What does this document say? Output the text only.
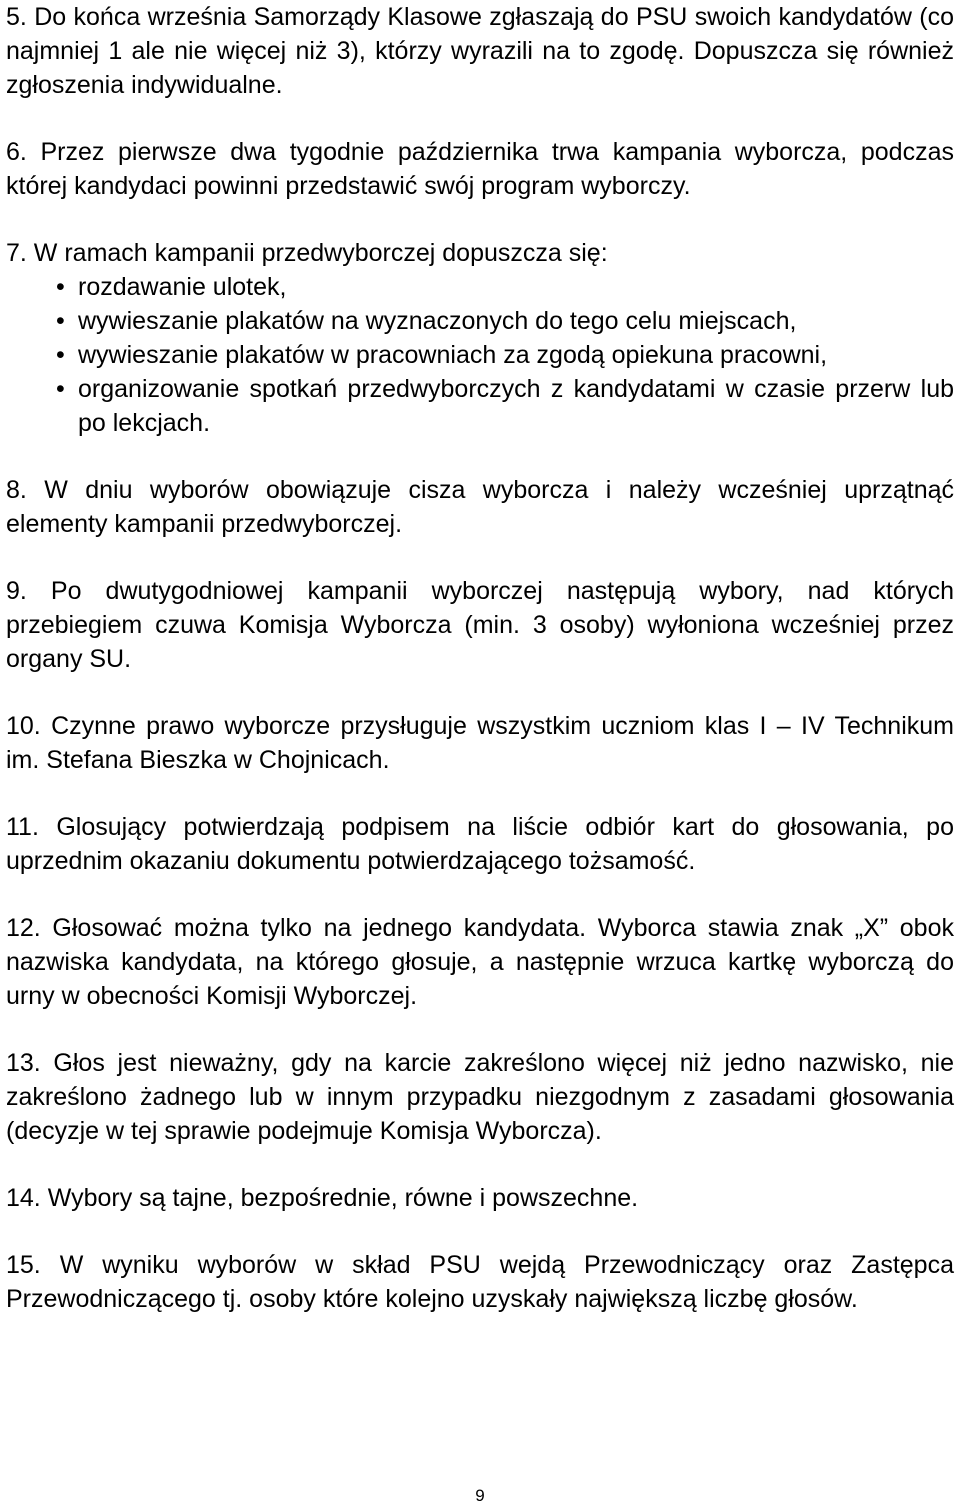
5. Do końca września Samorządy Klasowe zgłaszają do PSU swoich kandydatów (co najmniej 1 ale nie więcej niż 3), którzy wyrazili na to zgodę. Dopuszcza się również zgłoszenia indywidualne.

6. Przez pierwsze dwa tygodnie października trwa kampania wyborcza, podczas której kandydaci powinni przedstawić swój program wyborczy.

7. W ramach kampanii przedwyborczej dopuszcza się:

• rozdawanie ulotek,
• wywieszanie plakatów na wyznaczonych do tego celu miejscach,
• wywieszanie plakatów w pracowniach za zgodą opiekuna pracowni,
• organizowanie spotkań przedwyborczych z kandydatami w czasie przerw lub po lekcjach.

8. W dniu wyborów obowiązuje cisza wyborcza i należy wcześniej uprzątnąć elementy kampanii przedwyborczej.

9. Po dwutygodniowej kampanii wyborczej następują wybory, nad których przebiegiem czuwa Komisja Wyborcza (min. 3 osoby) wyłoniona wcześniej przez organy SU.

10. Czynne prawo wyborcze przysługuje wszystkim uczniom klas I – IV Technikum im. Stefana Bieszka w Chojnicach.

11. Glosujący potwierdzają podpisem na liście odbiór kart do głosowania, po uprzednim okazaniu dokumentu potwierdzającego tożsamość.

12. Głosować można tylko na jednego kandydata. Wyborca stawia znak „X” obok nazwiska kandydata, na którego głosuje, a następnie wrzuca kartkę wyborczą do urny w obecności Komisji Wyborczej.

13. Głos jest nieważny, gdy na karcie zakreślono więcej niż jedno nazwisko, nie zakreślono żadnego lub w innym przypadku niezgodnym z zasadami głosowania (decyzje w tej sprawie podejmuje Komisja Wyborcza).

14. Wybory są tajne, bezpośrednie, równe i powszechne.

15. W wyniku wyborów w skład PSU wejdą Przewodniczący oraz Zastępca Przewodniczącego tj. osoby które kolejno uzyskały największą liczbę głosów.

9
